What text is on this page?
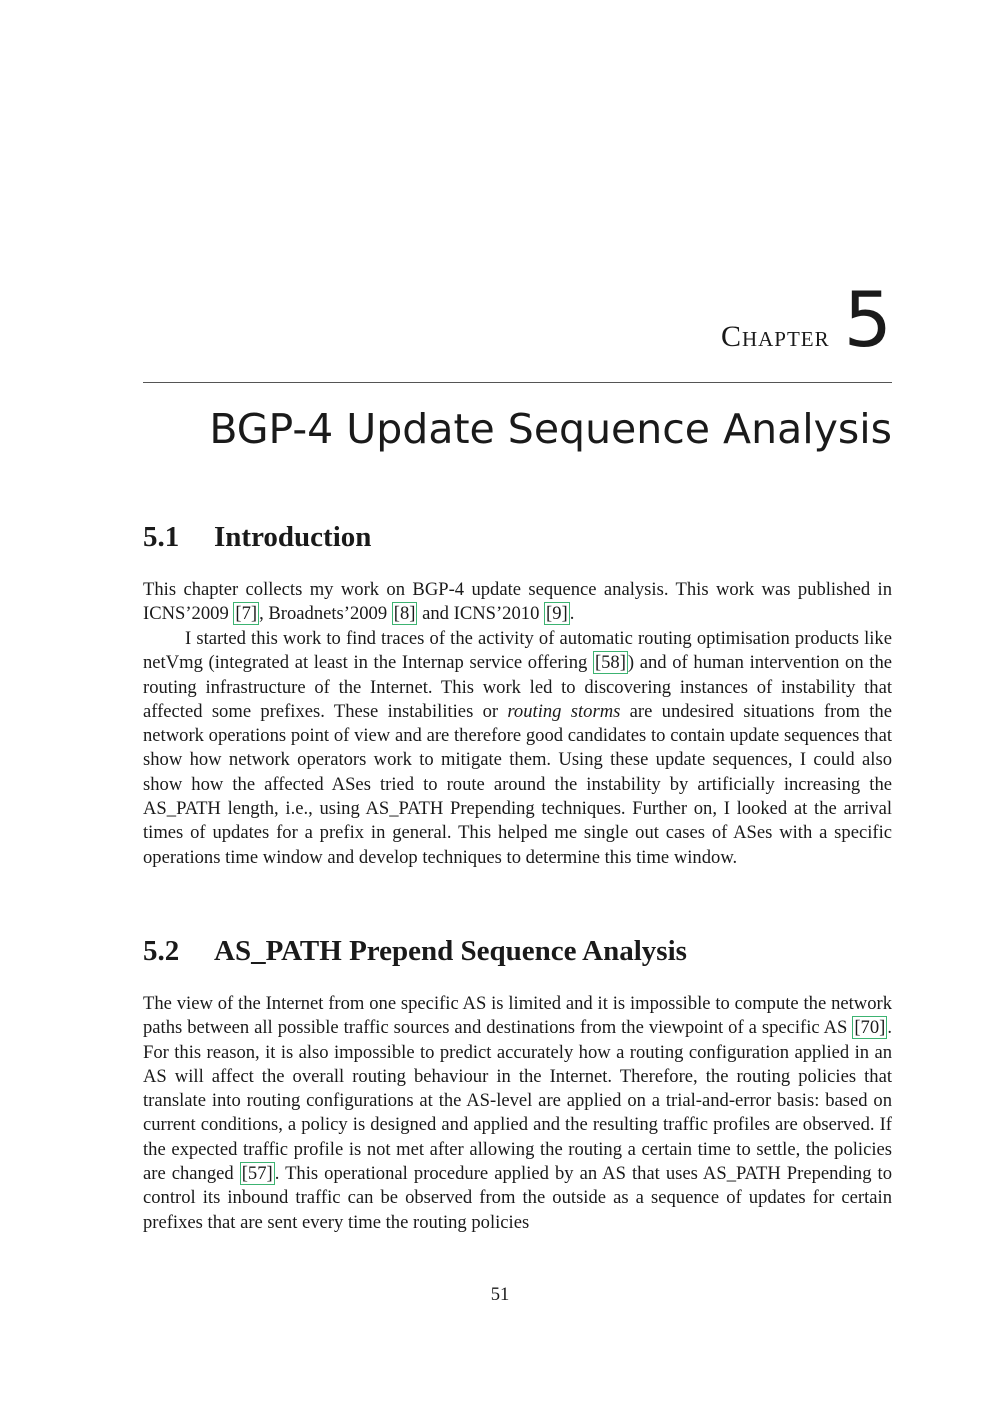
Chapter 5
BGP-4 Update Sequence Analysis
5.1 Introduction

This chapter collects my work on BGP-4 update sequence analysis. This work was published in ICNS’2009 [7] , Broadnets’2009 [8] and ICNS’2010 [9] .

I started this work to find traces of the activity of automatic routing optimisation products like netVmg (integrated at least in the Internap service offering [58] ) and of human intervention on the routing infrastructure of the Internet. This work led to discovering instances of instability that affected some prefixes. These instabilities or routing storms are undesired situations from the network operations point of view and are therefore good candidates to contain update sequences that show how network operators work to mitigate them. Using these update sequences, I could also show how the affected ASes tried to route around the instability by artificially increasing the AS_PATH length, i.e., using AS_PATH Prepending techniques. Further on, I looked at the arrival times of updates for a prefix in general. This helped me single out cases of ASes with a specific operations time window and develop techniques to determine this time window.

5.2 AS_PATH Prepend Sequence Analysis

The view of the Internet from one specific AS is limited and it is impossible to compute the network paths between all possible traffic sources and destinations from the viewpoint of a specific AS [70] . For this reason, it is also impossible to predict accurately how a routing configuration applied in an AS will affect the overall routing behaviour in the Internet. Therefore, the routing policies that translate into routing configurations at the AS-level are applied on a trial-and-error basis: based on current conditions, a policy is designed and applied and the resulting traffic profiles are observed. If the expected traffic profile is not met after allowing the routing a certain time to settle, the policies are changed [57] . This operational procedure applied by an AS that uses AS_PATH Prepending to control its inbound traffic can be observed from the outside as a sequence of updates for certain prefixes that are sent every time the routing policies

51
